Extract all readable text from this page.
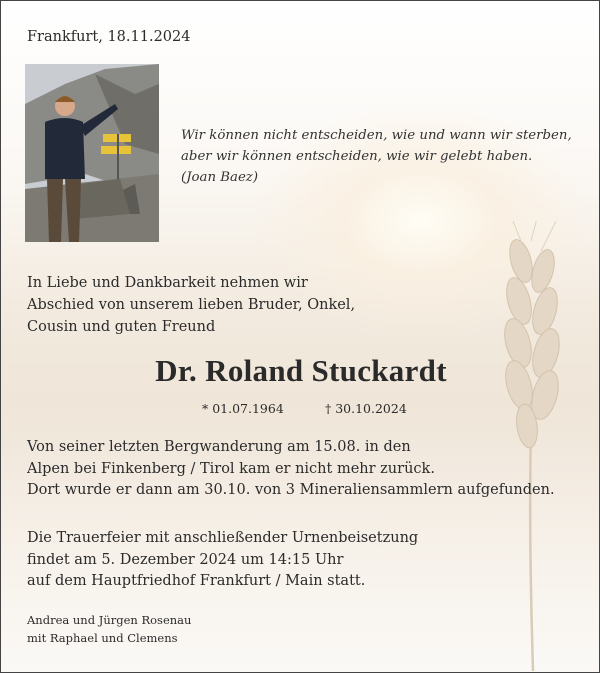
Frankfurt, 18.11.2024
Wir können nicht entscheiden, wie und wann wir sterben,
aber wir können entscheiden, wie wir gelebt haben.
(Joan Baez)
In Liebe und Dankbarkeit nehmen wir
Abschied von unserem lieben Bruder, Onkel,
Cousin und guten Freund
Dr. Roland Stuckardt
* 01.07.1964	† 30.10.2024
Von seiner letzten Bergwanderung am 15.08. in den
Alpen bei Finkenberg / Tirol kam er nicht mehr zurück.
Dort wurde er dann am 30.10. von 3 Mineraliensammlern aufgefunden.
Die Trauerfeier mit anschließender Urnenbeisetzung
findet am 5. Dezember 2024 um 14:15 Uhr
auf dem Hauptfriedhof Frankfurt / Main statt.
Andrea und Jürgen Rosenau
mit Raphael und Clemens
